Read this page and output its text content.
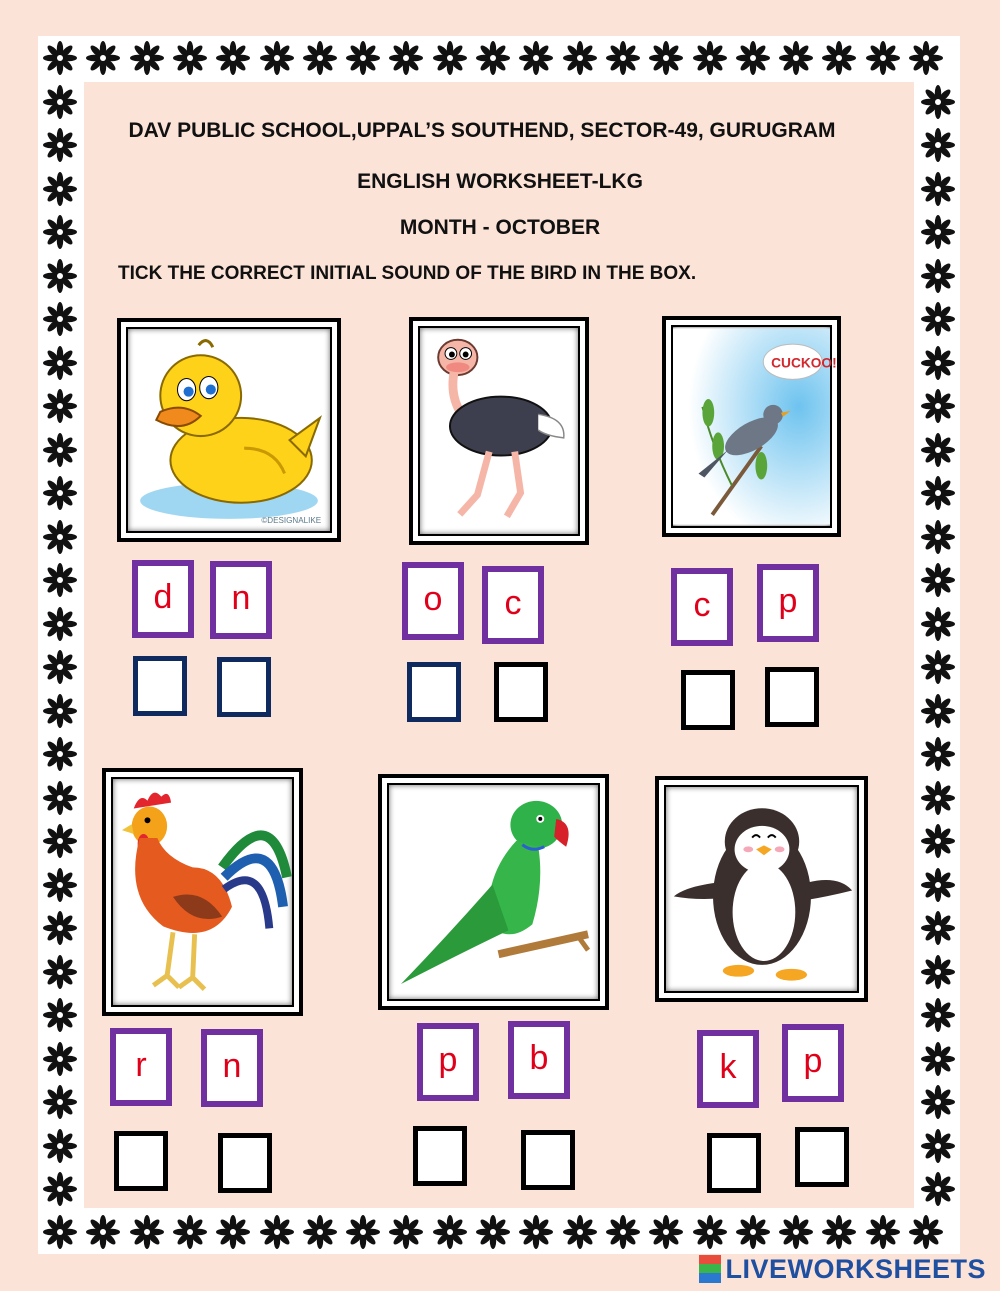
DAV PUBLIC SCHOOL,UPPAL’S SOUTHEND, SECTOR-49, GURUGRAM
ENGLISH WORKSHEET-LKG
MONTH - OCTOBER
TICK THE CORRECT INITIAL SOUND OF THE BIRD IN THE BOX.
©DESIGNALIKE
CUCKOO!
d	n	o	c	c	p
r	n	p	b	k	p
LIVEWORKSHEETS
